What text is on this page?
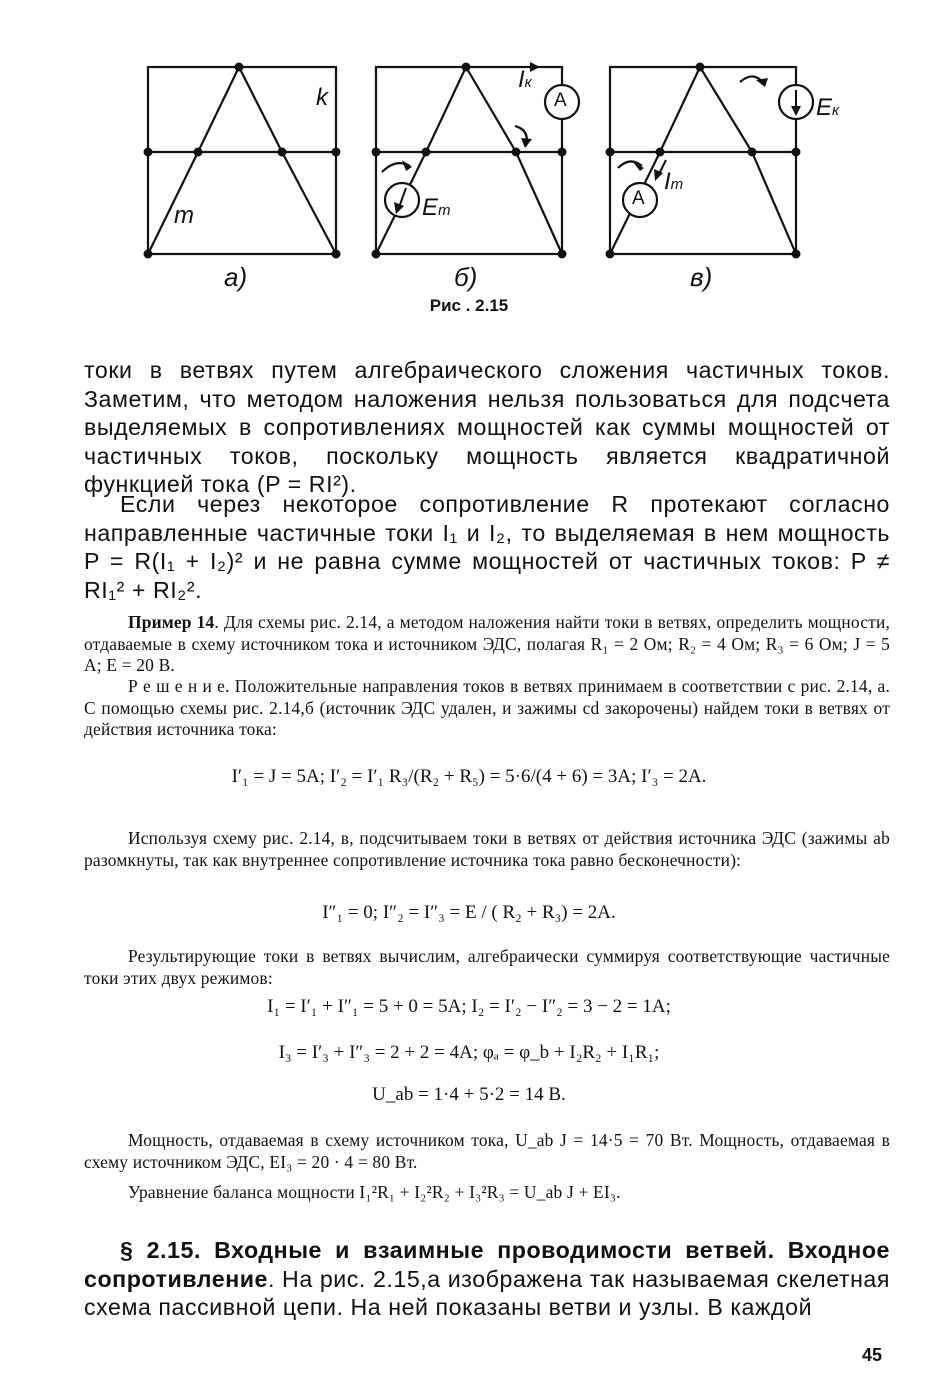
k
m
Iк
A
Em
Eк
A
Im
а)	б)	в)
Рис . 2.15

токи в ветвях путем алгебраического сложения частичных токов. Заметим, что методом наложения нельзя пользоваться для подсчета выделяемых в сопротивлениях мощностей как суммы мощностей от частичных токов, поскольку мощность является квадратичной функцией тока (P = RI²).

Если через некоторое сопротивление R протекают согласно направленные частичные токи I₁ и I₂, то выделяемая в нем мощность P = R(I₁ + I₂)² и не равна сумме мощностей от частичных токов: P ≠ RI₁² + RI₂².

Пример 14. Для схемы рис. 2.14, а методом наложения найти токи в ветвях, определить мощности, отдаваемые в схему источником тока и источником ЭДС, полагая R₁ = 2 Ом; R₂ = 4 Ом; R₃ = 6 Ом; J = 5 А; E = 20 В.

Р е ш е н и е. Положительные направления токов в ветвях принимаем в соответствии с рис. 2.14, а. С помощью схемы рис. 2.14,б (источник ЭДС удален, и зажимы cd закорочены) найдем токи в ветвях от действия источника тока:

I′₁ = J = 5А; I′₂ = I′₁ R₃/(R₂ + R₅) = 5·6/(4 + 6) = 3А; I′₃ = 2А.

Используя схему рис. 2.14, в, подсчитываем токи в ветвях от действия источника ЭДС (зажимы ab разомкнуты, так как внутреннее сопротивление источника тока равно бесконечности):

I″₁ = 0; I″₂ = I″₃ = E / ( R₂ + R₃) = 2А.

Результирующие токи в ветвях вычислим, алгебраически суммируя соответствующие частичные токи этих двух режимов:

I₁ = I′₁ + I″₁ = 5 + 0 = 5А; I₂ = I′₂ − I″₂ = 3 − 2 = 1А;
I₃ = I′₃ + I″₃ = 2 + 2 = 4А; φₐ = φ_b + I₂R₂ + I₁R₁;
U_ab = 1·4 + 5·2 = 14 В.

Мощность, отдаваемая в схему источником тока, U_ab J = 14·5 = 70 Вт. Мощность, отдаваемая в схему источником ЭДС, EI₃ = 20 · 4 = 80 Вт.

Уравнение баланса мощности I₁²R₁ + I₂²R₂ + I₃²R₃ = U_ab J + EI₃.

§ 2.15. Входные и взаимные проводимости ветвей. Входное сопротивление. На рис. 2.15,а изображена так называемая скелетная схема пассивной цепи. На ней показаны ветви и узлы. В каждой

45
